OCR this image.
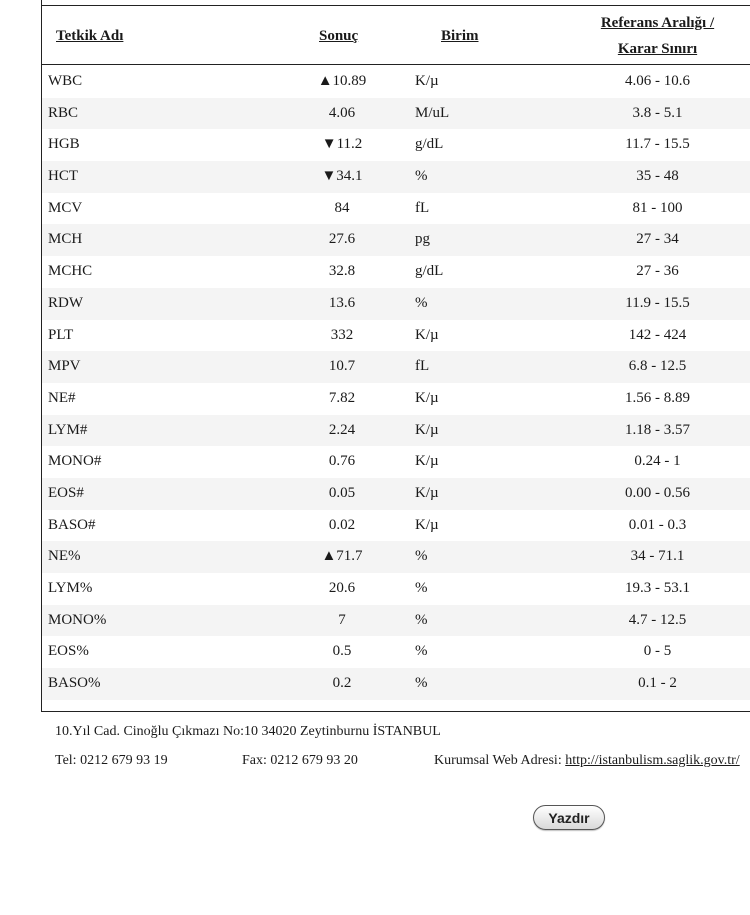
Tetkik Adı	Sonuç	Birim
Referans Aralığı /
Karar Sınırı
WBC	▲10.89	K/µ	4.06 - 10.6
RBC	4.06	M/uL	3.8 - 5.1
HGB	▼11.2	g/dL	11.7 - 15.5
HCT	▼34.1	%	35 - 48
MCV	84	fL	81 - 100
MCH	27.6	pg	27 - 34
MCHC	32.8	g/dL	27 - 36
RDW	13.6	%	11.9 - 15.5
PLT	332	K/µ	142 - 424
MPV	10.7	fL	6.8 - 12.5
NE#	7.82	K/µ	1.56 - 8.89
LYM#	2.24	K/µ	1.18 - 3.57
MONO#	0.76	K/µ	0.24 - 1
EOS#	0.05	K/µ	0.00 - 0.56
BASO#	0.02	K/µ	0.01 - 0.3
NE%	▲71.7	%	34 - 71.1
LYM%	20.6	%	19.3 - 53.1
MONO%	7	%	4.7 - 12.5
EOS%	0.5	%	0 - 5
BASO%	0.2	%	0.1 - 2
10.Yıl Cad. Cinoğlu Çıkmazı No:10 34020 Zeytinburnu İSTANBUL
Tel: 0212 679 93 19	Fax: 0212 679 93 20	Kurumsal Web Adresi: http://istanbulism.saglik.gov.tr/
Yazdır
